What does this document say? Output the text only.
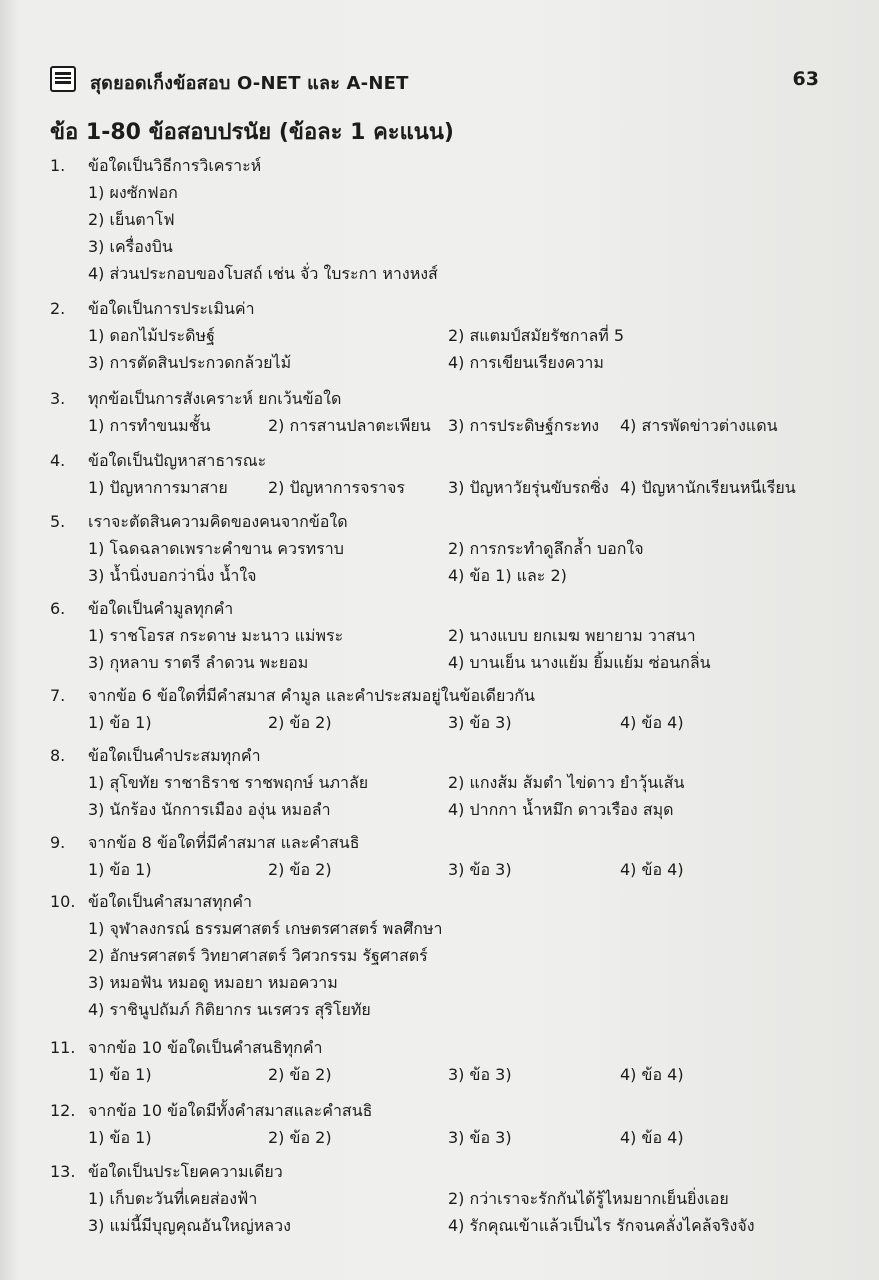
สุดยอดเก็งข้อสอบ O-NET และ A-NET	63
ข้อ 1-80 ข้อสอบปรนัย (ข้อละ 1 คะแนน)
1. ข้อใดเป็นวิธีการวิเคราะห์
1) ผงซักฟอก
2) เย็นตาโฟ
3) เครื่องบิน
4) ส่วนประกอบของโบสถ์ เช่น จั่ว ใบระกา หางหงส์
2. ข้อใดเป็นการประเมินค่า
1) ดอกไม้ประดิษฐ์	2) สแตมป์สมัยรัชกาลที่ 5
3) การตัดสินประกวดกล้วยไม้	4) การเขียนเรียงความ
3. ทุกข้อเป็นการสังเคราะห์ ยกเว้นข้อใด
1) การทำขนมชั้น	2) การสานปลาตะเพียน 3) การประดิษฐ์กระทง 4) สารพัดข่าวต่างแดน
4. ข้อใดเป็นปัญหาสาธารณะ
1) ปัญหาการมาสาย	2) ปัญหาการจราจร	3) ปัญหาวัยรุ่นขับรถซิ่ง 4) ปัญหานักเรียนหนีเรียน
5. เราจะตัดสินความคิดของคนจากข้อใด
1) โฉดฉลาดเพราะคำขาน ควรทราบ	2) การกระทำดูลึกล้ำ บอกใจ
3) น้ำนิ่งบอกว่านิ่ง น้ำใจ	4) ข้อ 1) และ 2)
6. ข้อใดเป็นคำมูลทุกคำ
1) ราชโอรส กระดาษ มะนาว แม่พระ	2) นางแบบ ยกเมฆ พยายาม วาสนา
3) กุหลาบ ราตรี ลำดวน พะยอม	4) บานเย็น นางแย้ม ยิ้มแย้ม ซ่อนกลิ่น
7. จากข้อ 6 ข้อใดที่มีคำสมาส คำมูล และคำประสมอยู่ในข้อเดียวกัน
1) ข้อ 1)	2) ข้อ 2)	3) ข้อ 3)	4) ข้อ 4)
8. ข้อใดเป็นคำประสมทุกคำ
1) สุโขทัย ราชาธิราช ราชพฤกษ์ นภาลัย	2) แกงส้ม ส้มตำ ไข่ดาว ยำวุ้นเส้น
3) นักร้อง นักการเมือง องุ่น หมอลำ	4) ปากกา น้ำหมึก ดาวเรือง สมุด
9. จากข้อ 8 ข้อใดที่มีคำสมาส และคำสนธิ
1) ข้อ 1)	2) ข้อ 2)	3) ข้อ 3)	4) ข้อ 4)
10. ข้อใดเป็นคำสมาสทุกคำ
1) จุฬาลงกรณ์ ธรรมศาสตร์ เกษตรศาสตร์ พลศึกษา
2) อักษรศาสตร์ วิทยาศาสตร์ วิศวกรรม รัฐศาสตร์
3) หมอฟัน หมอดู หมอยา หมอความ
4) ราชินูปถัมภ์ กิติยากร นเรศวร สุริโยทัย
11. จากข้อ 10 ข้อใดเป็นคำสนธิทุกคำ
1) ข้อ 1)	2) ข้อ 2)	3) ข้อ 3)	4) ข้อ 4)
12. จากข้อ 10 ข้อใดมีทั้งคำสมาสและคำสนธิ
1) ข้อ 1)	2) ข้อ 2)	3) ข้อ 3)	4) ข้อ 4)
13. ข้อใดเป็นประโยคความเดียว
1) เก็บตะวันที่เคยส่องฟ้า	2) กว่าเราจะรักกันได้รู้ไหมยากเย็นยิ่งเอย
3) แม่นี้มีบุญคุณอันใหญ่หลวง	4) รักคุณเข้าแล้วเป็นไร รักจนคลั่งไคล้จริงจัง
